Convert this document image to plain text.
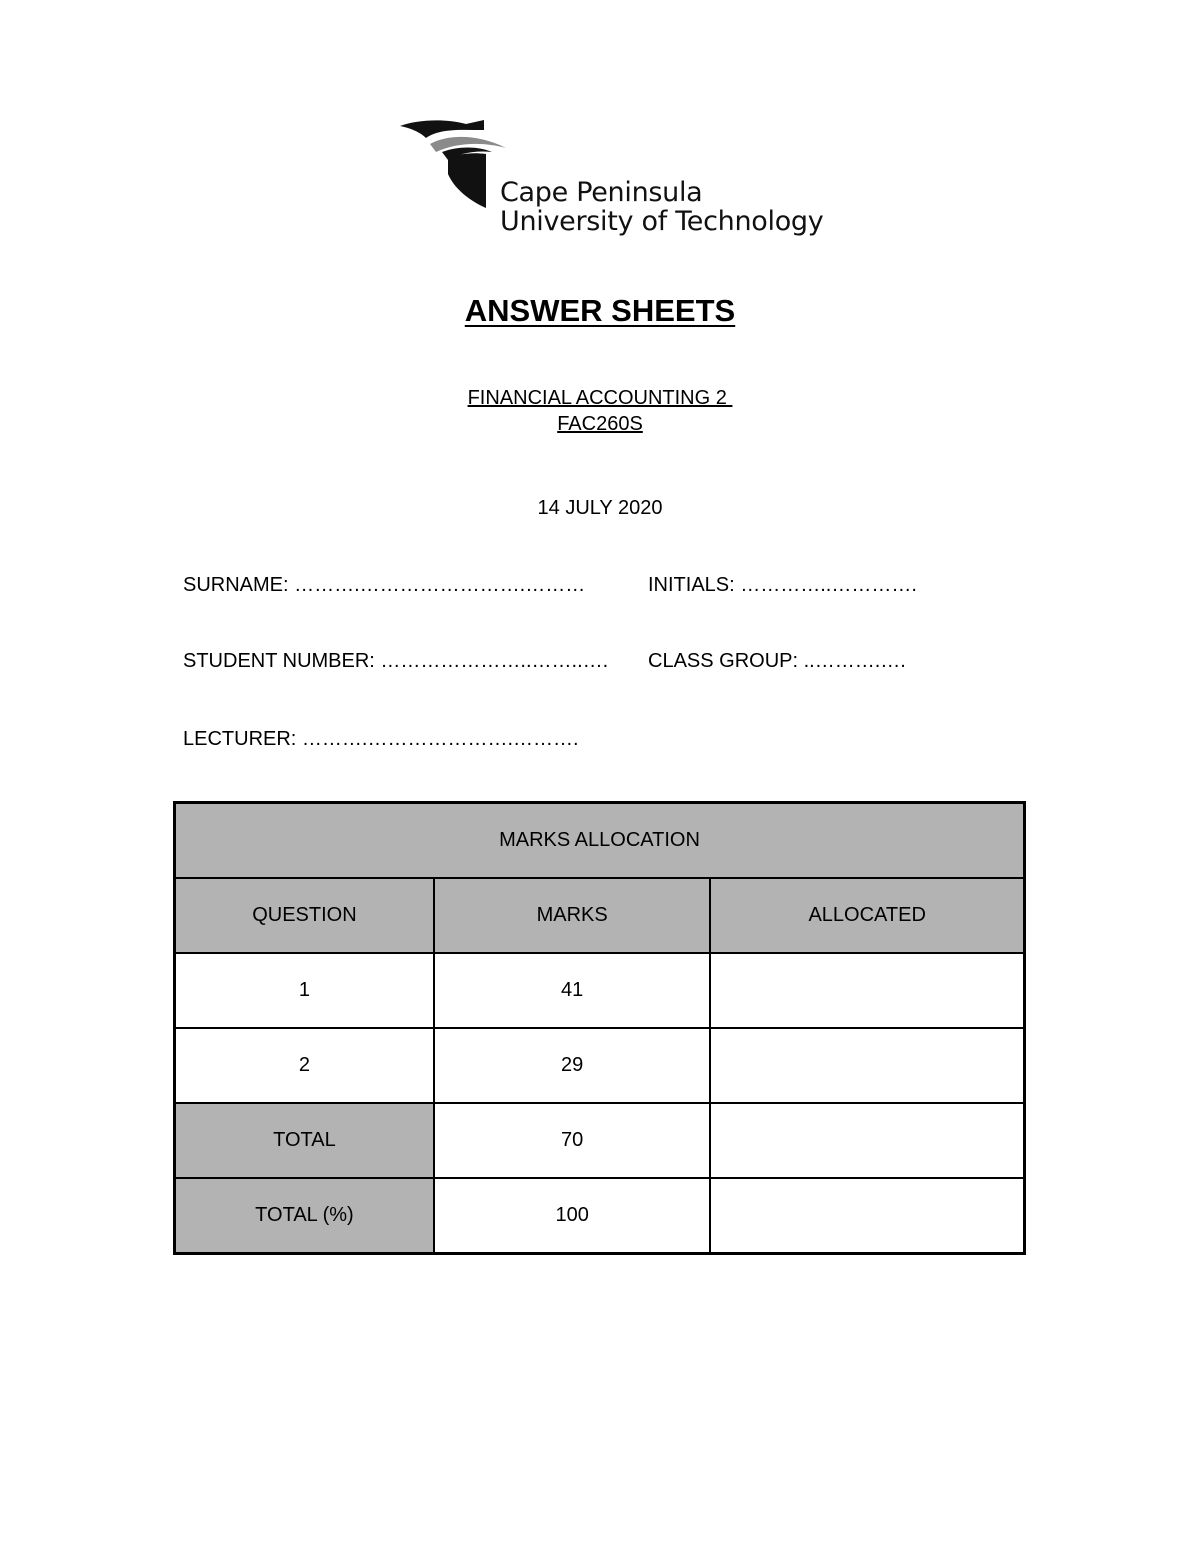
Cape Peninsula
University of Technology
ANSWER SHEETS
FINANCIAL ACCOUNTING 2
FAC260S
14 JULY 2020
SURNAME: ……….…………………….………	INITIALS: …………..………….
STUDENT NUMBER: …………………..……..…. CLASS GROUP: ..……….….
LECTURER: ……….………………….……….
MARKS ALLOCATION		
QUESTION	MARKS	ALLOCATED
1	41	
2	29	
TOTAL	70	
TOTAL (%)	100	
